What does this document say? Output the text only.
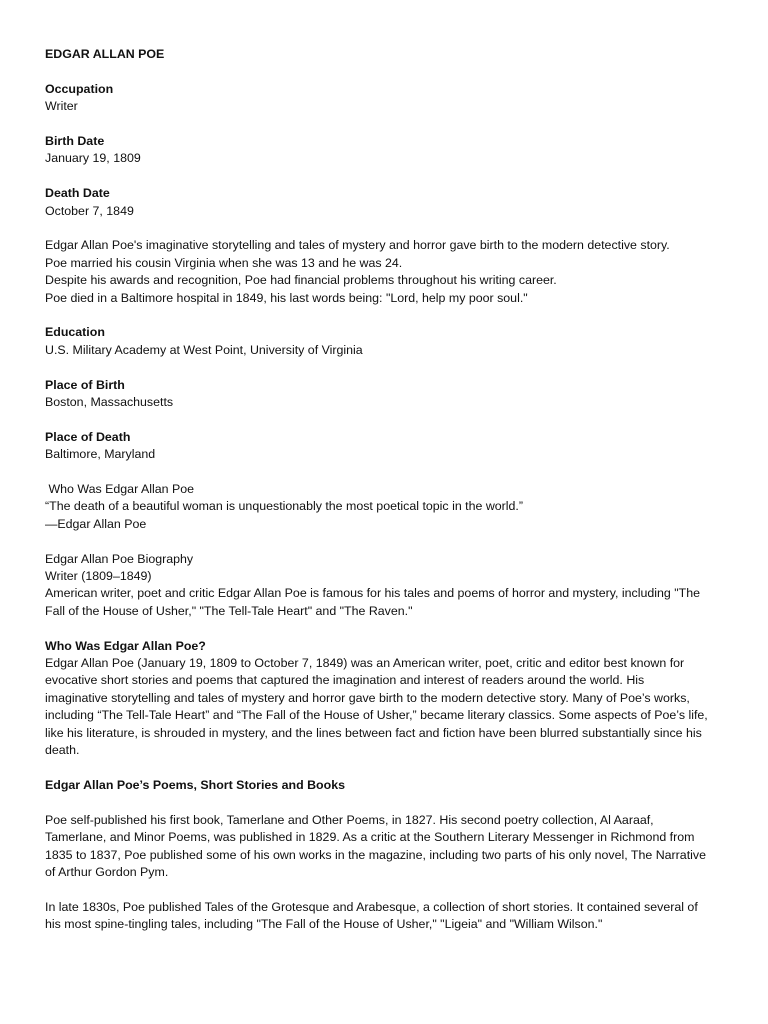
EDGAR ALLAN POE
Occupation
Writer
Birth Date
January 19, 1809
Death Date
October 7, 1849
Edgar Allan Poe's imaginative storytelling and tales of mystery and horror gave birth to the modern detective story.
Poe married his cousin Virginia when she was 13 and he was 24.
Despite his awards and recognition, Poe had financial problems throughout his writing career.
Poe died in a Baltimore hospital in 1849, his last words being: "Lord, help my poor soul."
Education
U.S. Military Academy at West Point, University of Virginia
Place of Birth
Boston, Massachusetts
Place of Death
Baltimore, Maryland
Who Was Edgar Allan Poe
“The death of a beautiful woman is unquestionably the most poetical topic in the world.”
—Edgar Allan Poe
Edgar Allan Poe Biography
Writer (1809–1849)
American writer, poet and critic Edgar Allan Poe is famous for his tales and poems of horror and mystery, including "The
Fall of the House of Usher," "The Tell-Tale Heart" and "The Raven."
Who Was Edgar Allan Poe?
Edgar Allan Poe (January 19, 1809 to October 7, 1849) was an American writer, poet, critic and editor best known for
evocative short stories and poems that captured the imagination and interest of readers around the world. His
imaginative storytelling and tales of mystery and horror gave birth to the modern detective story. Many of Poe’s works,
including “The Tell-Tale Heart” and “The Fall of the House of Usher,” became literary classics. Some aspects of Poe’s life,
like his literature, is shrouded in mystery, and the lines between fact and fiction have been blurred substantially since his
death.
Edgar Allan Poe’s Poems, Short Stories and Books
Poe self-published his first book, Tamerlane and Other Poems, in 1827. His second poetry collection, Al Aaraaf,
Tamerlane, and Minor Poems, was published in 1829. As a critic at the Southern Literary Messenger in Richmond from
1835 to 1837, Poe published some of his own works in the magazine, including two parts of his only novel, The Narrative
of Arthur Gordon Pym.
In late 1830s, Poe published Tales of the Grotesque and Arabesque, a collection of short stories. It contained several of
his most spine-tingling tales, including "The Fall of the House of Usher," "Ligeia" and "William Wilson."
